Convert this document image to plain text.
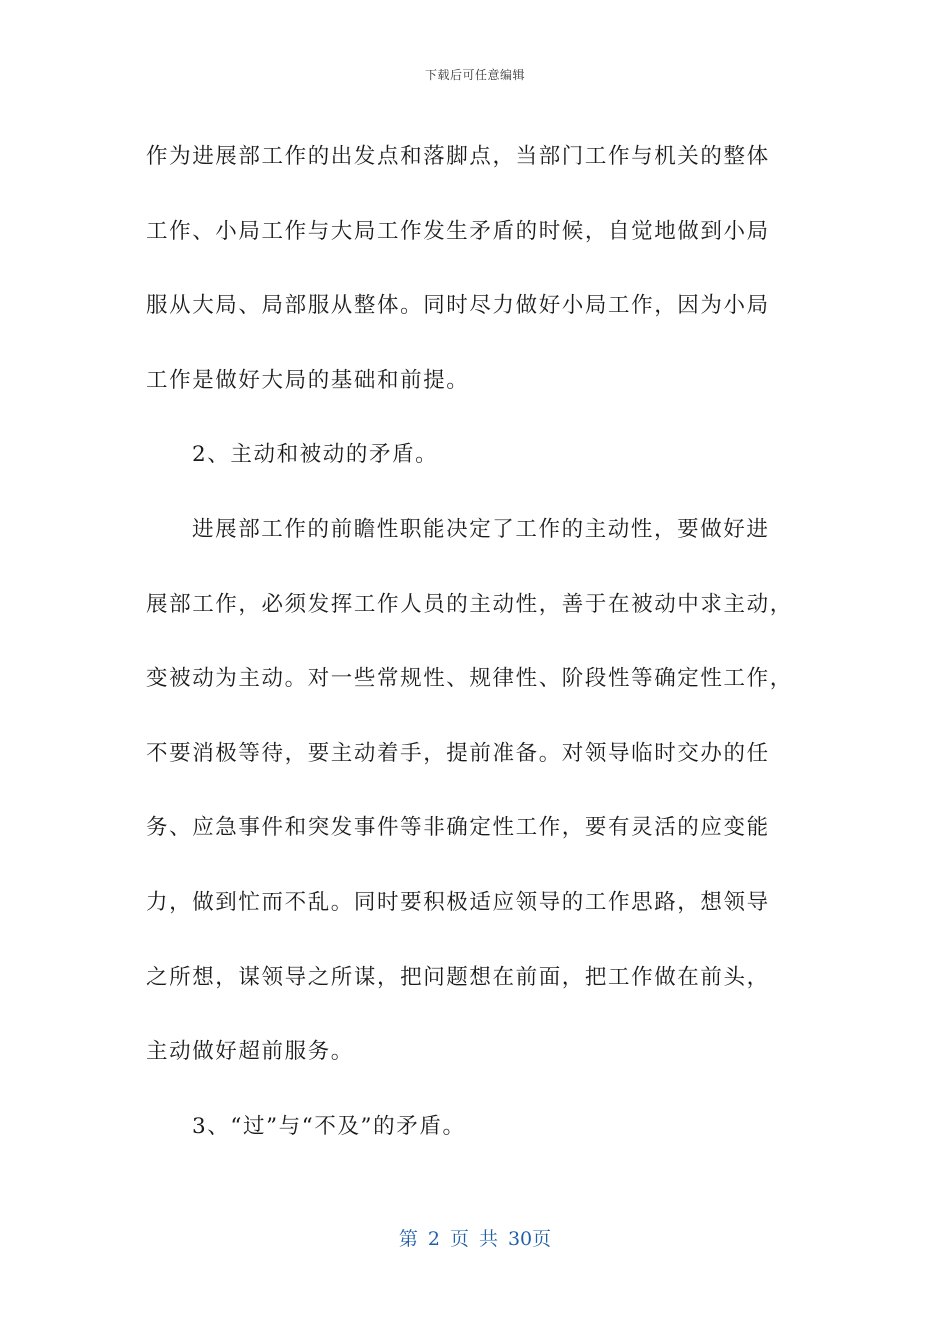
下载后可任意编辑
作为进展部工作的出发点和落脚点，当部门工作与机关的整体
工作、小局工作与大局工作发生矛盾的时候，自觉地做到小局
服从大局、局部服从整体。同时尽力做好小局工作，因为小局
工作是做好大局的基础和前提。
2、主动和被动的矛盾。
进展部工作的前瞻性职能决定了工作的主动性，要做好进
展部工作，必须发挥工作人员的主动性，善于在被动中求主动，
变被动为主动。对一些常规性、规律性、阶段性等确定性工作，
不要消极等待，要主动着手，提前准备。对领导临时交办的任
务、应急事件和突发事件等非确定性工作，要有灵活的应变能
力，做到忙而不乱。同时要积极适应领导的工作思路，想领导
之所想，谋领导之所谋，把问题想在前面，把工作做在前头，
主动做好超前服务。
3、“过”与“不及”的矛盾。
第 2 页 共 30页
